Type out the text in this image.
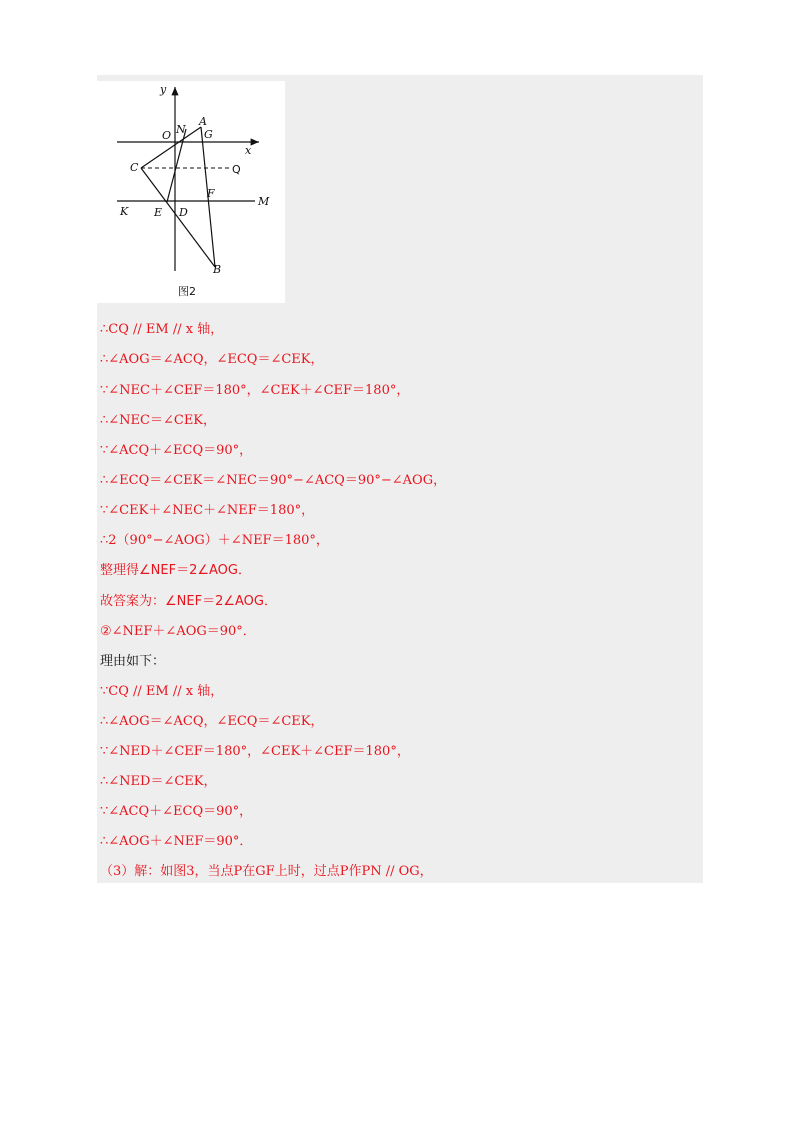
y
x
O N
A
G
C	Q
K E D
F
M
B
图2
∴CQ // EM // x 轴，
∴∠AOG＝∠ACQ，∠ECQ＝∠CEK，
∵∠NEC＋∠CEF＝180°，∠CEK＋∠CEF＝180°，
∴∠NEC＝∠CEK，
∵∠ACQ＋∠ECQ＝90°，
∴∠ECQ＝∠CEK＝∠NEC＝90°−∠ACQ＝90°−∠AOG，
∵∠CEK＋∠NEC＋∠NEF＝180°，
∴2（90°−∠AOG）＋∠NEF＝180°，
整理得∠NEF＝2∠AOG．
故答案为：∠NEF＝2∠AOG．
②∠NEF＋∠AOG＝90°．
理由如下：
∵CQ // EM // x 轴，
∴∠AOG＝∠ACQ，∠ECQ＝∠CEK，
∵∠NED＋∠CEF＝180°，∠CEK＋∠CEF＝180°，
∴∠NED＝∠CEK，
∵∠ACQ＋∠ECQ＝90°，
∴∠AOG＋∠NEF＝90°．
（3）解：如图3，当点P在GF上时，过点P作PN // OG，
